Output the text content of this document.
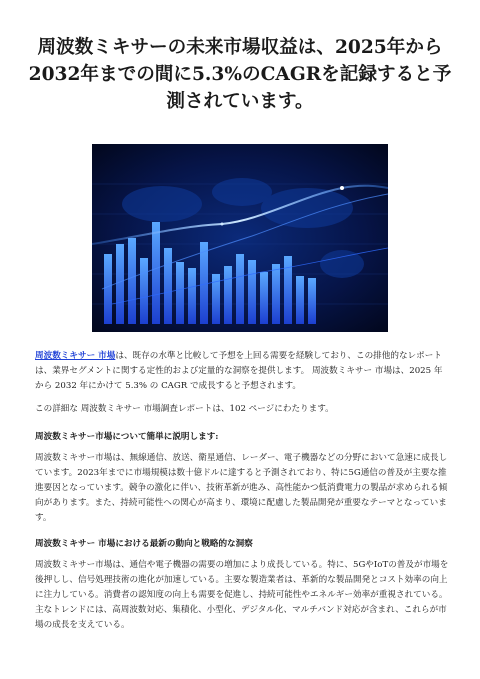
周波数ミキサーの未来市場収益は、2025年から2032年までの間に5.3%のCAGRを記録すると予測されています。

周波数ミキサー 市場は、既存の水準と比較して予想を上回る需要を経験しており、この排他的なレポートは、業界セグメントに関する定性的および定量的な洞察を提供します。 周波数ミキサー 市場は、2025 年から 2032 年にかけて 5.3% の CAGR で成長すると予想されます。

この詳細な 周波数ミキサー 市場調査レポートは、102 ページにわたります。

周波数ミキサー市場について簡単に説明します:

周波数ミキサー市場は、無線通信、放送、衛星通信、レーダー、電子機器などの分野において急速に成長しています。2023年までに市場規模は数十億ドルに達すると予測されており、特に5G通信の普及が主要な推進要因となっています。競争の激化に伴い、技術革新が進み、高性能かつ低消費電力の製品が求められる傾向があります。また、持続可能性への関心が高まり、環境に配慮した製品開発が重要なテーマとなっています。

周波数ミキサー 市場における最新の動向と戦略的な洞察

周波数ミキサー市場は、通信や電子機器の需要の増加により成長している。特に、5GやIoTの普及が市場を後押しし、信号処理技術の進化が加速している。主要な製造業者は、革新的な製品開発とコスト効率の向上に注力している。消費者の認知度の向上も需要を促進し、持続可能性やエネルギー効率が重視されている。主なトレンドには、高周波数対応、集積化、小型化、デジタル化、マルチバンド対応が含まれ、これらが市場の成長を支えている。
